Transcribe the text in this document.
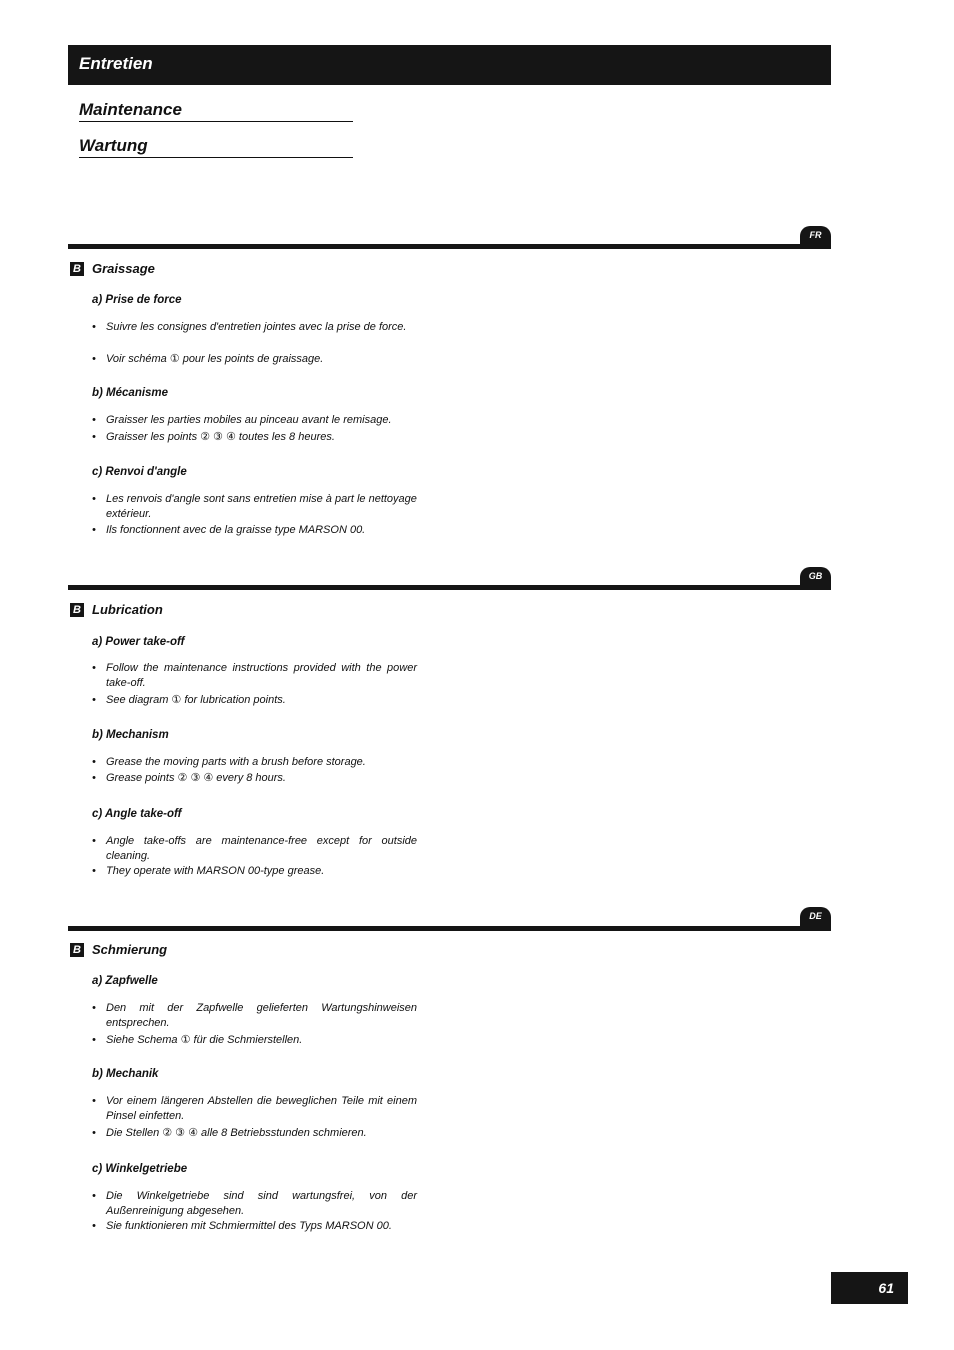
Entretien
Maintenance
Wartung
FR
B Graissage
a) Prise de force
• Suivre les consignes d'entretien jointes avec la prise de force.
• Voir schéma ① pour les points de graissage.
b) Mécanisme
• Graisser les parties mobiles au pinceau avant le remisage.
• Graisser les points ② ③ ④ toutes les 8 heures.
c) Renvoi d'angle
• Les renvois d'angle sont sans entretien mise à part le nettoyage extérieur.
• Ils fonctionnent avec de la graisse type MARSON 00.
GB
B Lubrication
a) Power take-off
• Follow the maintenance instructions provided with the power take-off.
• See diagram ① for lubrication points.
b) Mechanism
• Grease the moving parts with a brush before storage.
• Grease points ② ③ ④ every 8 hours.
c) Angle take-off
• Angle take-offs are maintenance-free except for outside cleaning.
• They operate with MARSON 00-type grease.
DE
B Schmierung
a) Zapfwelle
• Den mit der Zapfwelle gelieferten Wartungshinweisen entsprechen.
• Siehe Schema ① für die Schmierstellen.
b) Mechanik
• Vor einem längeren Abstellen die beweglichen Teile mit einem Pinsel einfetten.
• Die Stellen ② ③ ④ alle 8 Betriebsstunden schmieren.
c) Winkelgetriebe
• Die Winkelgetriebe sind sind wartungsfrei, von der Außenreinigung abgesehen.
• Sie funktionieren mit Schmiermittel des Typs MARSON 00.
61
